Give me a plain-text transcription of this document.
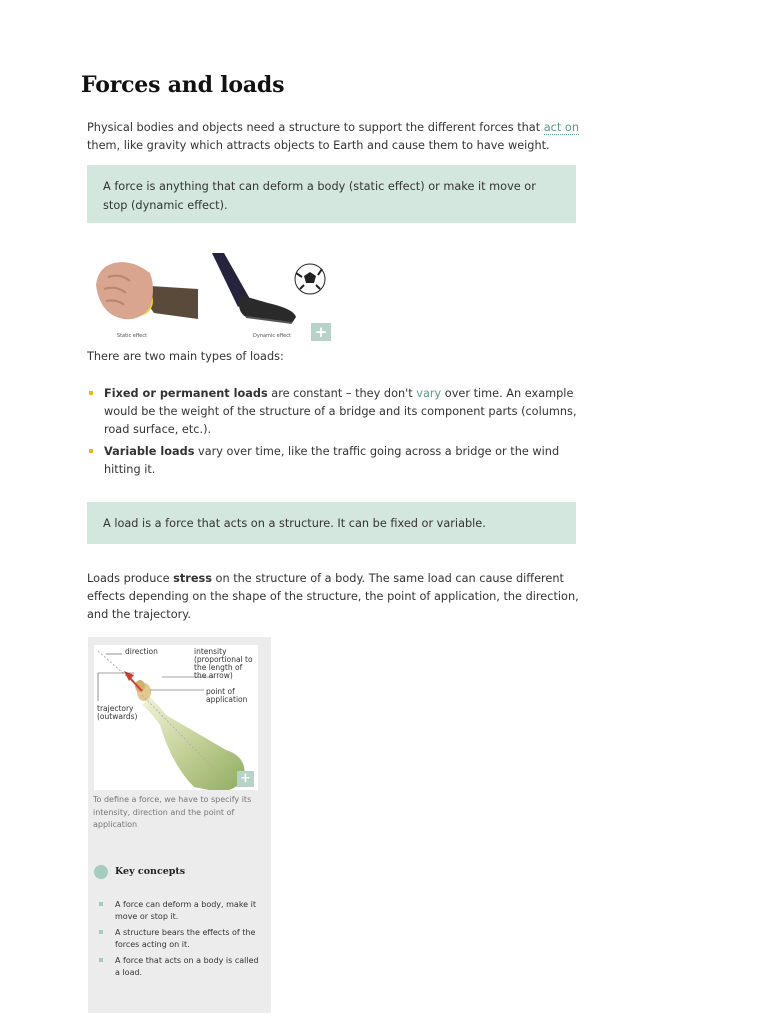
Forces and loads

Physical bodies and objects need a structure to support the different forces that act on them, like gravity which attracts objects to Earth and cause them to have weight.

A force is anything that can deform a body (static effect) or make it move or stop (dynamic effect).
Static effect	Dynamic effect	+

There are two main types of loads:

Fixed or permanent loads are constant – they don't vary over time. An example would be the weight of the structure of a bridge and its component parts (columns, road surface, etc.).
Variable loads vary over time, like the traffic going across a bridge or the wind hitting it.
A load is a force that acts on a structure. It can be fixed or variable.

Loads produce stress on the structure of a body. The same load can cause different effects depending on the shape of the structure, the point of application, the direction, and the trajectory.

direction	intensity (proportional to the length of the arrow)
point of application
trajectory (outwards)
+
To define a force, we have to specify its intensity, direction and the point of application
Key concepts
A force can deform a body, make it move or stop it.
A structure bears the effects of the forces acting on it.
A force that acts on a body is called a load.
